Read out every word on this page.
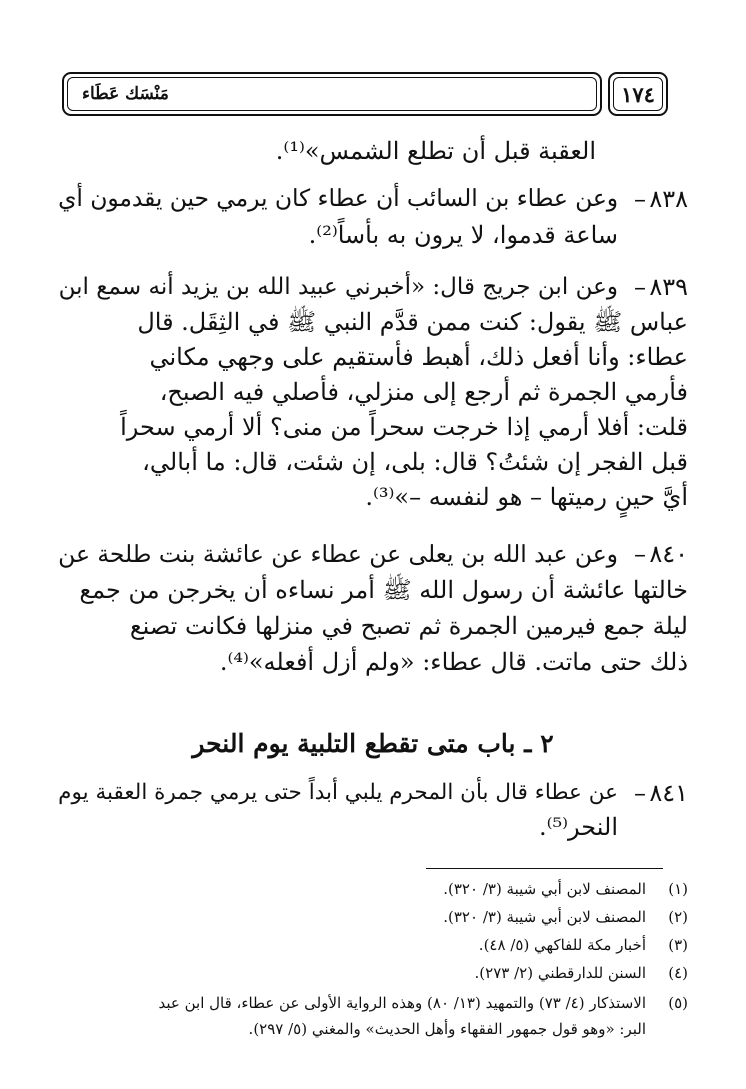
مَنْسَك عَطَاء	١٧٤
العقبة قبل أن تطلع الشمس»⁽¹⁾.
٨٣٨
–
وعن عطاء بن السائب أن عطاء كان يرمي حين يقدمون أي
ساعة قدموا، لا يرون به بأساً⁽²⁾.
٨٣٩
–
وعن ابن جريج قال: «أخبرني عبيد الله بن يزيد أنه سمع ابن
عباس ﷺ يقول: كنت ممن قدَّم النبي ﷺ في الثِقَل. قال
عطاء: وأنا أفعل ذلك، أهبط فأستقيم على وجهي مكاني
فأرمي الجمرة ثم أرجع إلى منزلي، فأصلي فيه الصبح،
قلت: أفلا أرمي إذا خرجت سحراً من منى؟ ألا أرمي سحراً
قبل الفجر إن شئتُ؟ قال: بلى، إن شئت، قال: ما أبالي،
أيَّ حينٍ رميتها – هو لنفسه –»⁽³⁾.
٨٤٠
–
وعن عبد الله بن يعلى عن عطاء عن عائشة بنت طلحة عن
خالتها عائشة أن رسول الله ﷺ أمر نساءه أن يخرجن من جمع
ليلة جمع فيرمين الجمرة ثم تصبح في منزلها فكانت تصنع
ذلك حتى ماتت. قال عطاء: «ولم أزل أفعله»⁽⁴⁾.
٢ ـ باب متى تقطع التلبية يوم النحر
٨٤١
–
عن عطاء قال بأن المحرم يلبي أبداً حتى يرمي جمرة العقبة يوم
النحر⁽⁵⁾.
(١)
المصنف لابن أبي شيبة (٣/ ٣٢٠).
(٢)
المصنف لابن أبي شيبة (٣/ ٣٢٠).
(٣)
أخبار مكة للفاكهي (٥/ ٤٨).
(٤)
السنن للدارقطني (٢/ ٢٧٣).
(٥)
الاستذكار (٤/ ٧٣) والتمهيد (١٣/ ٨٠) وهذه الرواية الأولى عن عطاء، قال ابن عبد
البر: «وهو قول جمهور الفقهاء وأهل الحديث» والمغني (٥/ ٢٩٧).
